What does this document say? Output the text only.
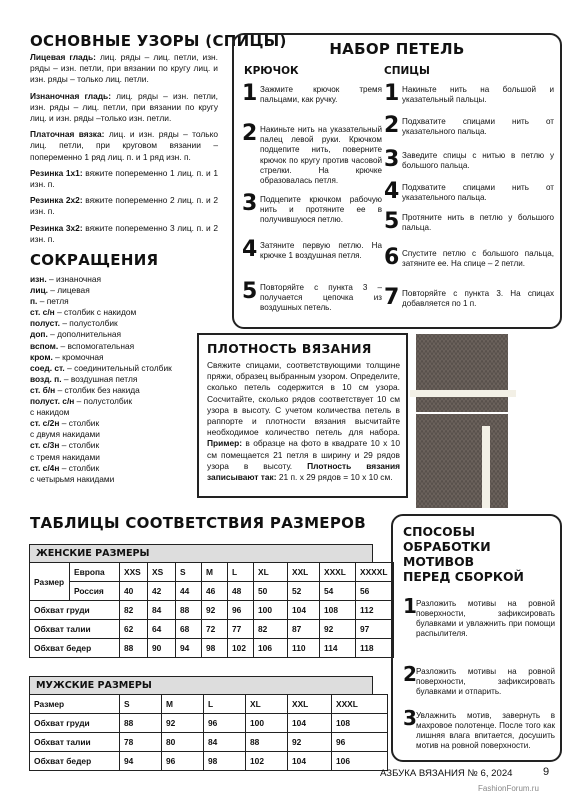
ОСНОВНЫЕ УЗОРЫ (СПИЦЫ)
Лицевая гладь: лиц. ряды – лиц. петли, изн. ряды – изн. петли, при вязании по кругу лиц. и изн. ряды – только лиц. петли.
Изнаночная гладь: лиц. ряды – изн. петли, изн. ряды – лиц. петли, при вязании по кругу лиц. и изн. ряды –только изн. петли.
Платочная вязка: лиц. и изн. ряды – только лиц. петли, при круговом вязании – попеременно 1 ряд лиц. п. и 1 ряд изн. п.
Резинка 1х1: вяжите попеременно 1 лиц. п. и 1 изн. п.
Резинка 2х2: вяжите попеременно 2 лиц. п. и 2 изн. п.
Резинка 3х2: вяжите попеременно 3 лиц. п. и 2 изн. п.
СОКРАЩЕНИЯ
изн. – изнаночная
лиц. – лицевая
п. – петля
ст. с/н – столбик с накидом
полуст. – полустолбик
доп. – дополнительная
вспом. – вспомогательная
кром. – кромочная
соед. ст. – соединительный столбик
возд. п. – воздушная петля
ст. б/н – столбик без накида
полуст. с/н – полустолбик
с накидом
ст. с/2н – столбик
с двумя накидами
ст. с/3н – столбик
с тремя накидами
ст. с/4н – столбик
с четырьмя накидами
НАБОР ПЕТЕЛЬ
КРЮЧОК	СПИЦЫ
1 Зажмите крючок тремя пальцами, как ручку.
2 Накиньте нить на указательный палец левой руки. Крючком подцепите нить, поверните крючок по кругу против часовой стрелки. На крючке образовалась петля.
3 Подцепите крючком рабочую нить и протяните ее в получившуюся петлю.
4 Затяните первую петлю. На крючке 1 воздушная петля.
5 Повторяйте с пункта 3 – получается цепочка из воздушных петель.
1 Накиньте нить на большой и указательный пальцы.
2 Подхватите спицами нить от указательного пальца.
3 Заведите спицы с нитью в петлю у большого пальца.
4 Подхватите спицами нить от указательного пальца.
5 Протяните нить в петлю у большого пальца.
6 Спустите петлю с большого пальца, затяните ее. На спице – 2 петли.
7 Повторяйте с пункта 3. На спицах добавляется по 1 п.
ПЛОТНОСТЬ ВЯЗАНИЯ
Свяжите спицами, соответствующими толщине пряжи, образец выбранным узором. Определите, сколько петель содержится в 10 см узора. Сосчитайте, сколько рядов соответствует 10 см узора в высоту. С учетом количества петель в раппорте и плотности вязания высчитайте необходимое количество петель для набора. Пример: в образце на фото в квадрате 10 х 10 см помещается 21 петля в ширину и 29 рядов узора в высоту. Плотность вязания записывают так: 21 п. х 29 рядов = 10 х 10 см.
ТАБЛИЦЫ СООТВЕТСТВИЯ РАЗМЕРОВ
ЖЕНСКИЕ РАЗМЕРЫ
Размер	Европа	XXS	XS	S	M	L	XL	XXL	XXXL	XXXXL
	Россия	40	42	44	46	48	50	52	54	56
Обхват груди		82	84	88	92	96	100	104	108	112
Обхват талии		62	64	68	72	77	82	87	92	97
Обхват бедер		88	90	94	98	102	106	110	114	118
МУЖСКИЕ РАЗМЕРЫ
Размер	S	M	L	XL	XXL	XXXL
Обхват груди	88	92	96	100	104	108
Обхват талии	78	80	84	88	92	96
Обхват бедер	94	96	98	102	104	106
СПОСОБЫ
ОБРАБОТКИ
МОТИВОВ
ПЕРЕД СБОРКОЙ
1 Разложить мотивы на ровной поверхности, зафиксировать булавками и увлажнить при помощи распылителя.
2 Разложить мотивы на ровной поверхности, зафиксировать булавками и отпарить.
3 Увлажнить мотив, завернуть в махровое полотенце. После того как лишняя влага впитается, досушить мотив на ровной поверхности.
АЗБУКА ВЯЗАНИЯ № 6, 2024	9
FashionForum.ru
